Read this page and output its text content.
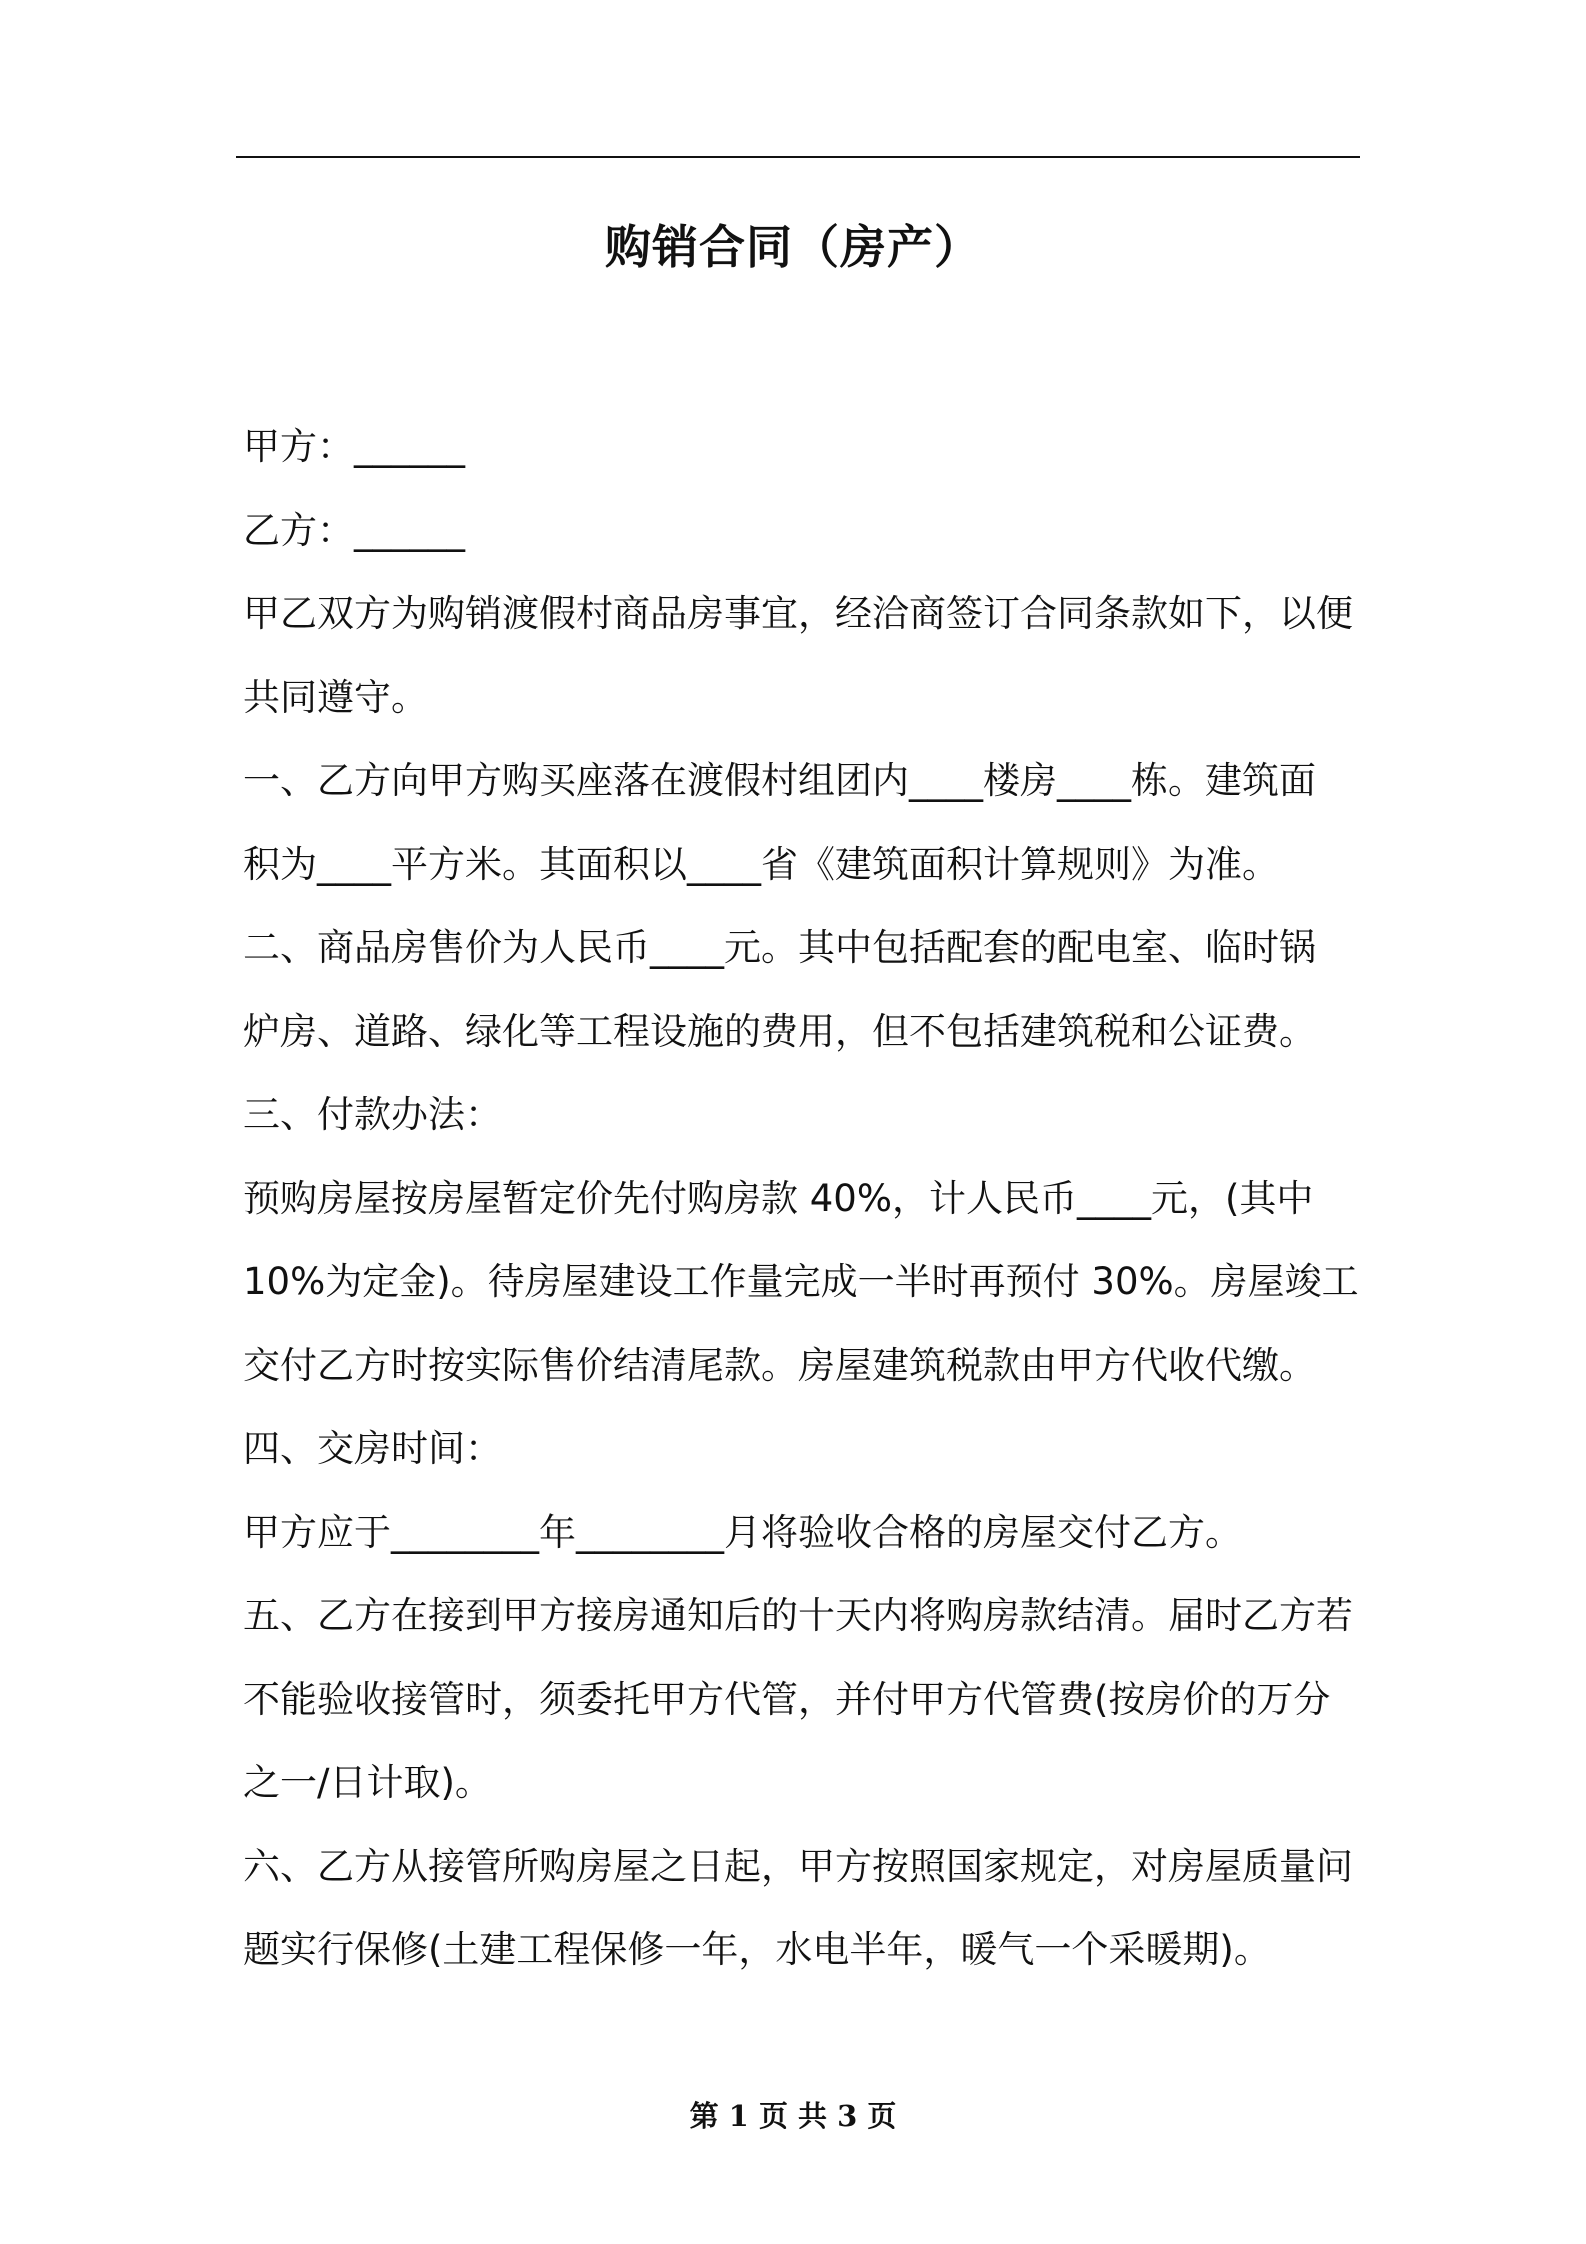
购销合同（房产）

甲方：______

乙方：______

甲乙双方为购销渡假村商品房事宜，经洽商签订合同条款如下，以便

共同遵守。

一、乙方向甲方购买座落在渡假村组团内____楼房____栋。建筑面

积为____平方米。其面积以____省《建筑面积计算规则》为准。

二、商品房售价为人民币____元。其中包括配套的配电室、临时锅

炉房、道路、绿化等工程设施的费用，但不包括建筑税和公证费。

三、付款办法：

预购房屋按房屋暂定价先付购房款 40%，计人民币____元，(其中

10%为定金)。待房屋建设工作量完成一半时再预付 30%。房屋竣工

交付乙方时按实际售价结清尾款。房屋建筑税款由甲方代收代缴。

四、交房时间：

甲方应于________年________月将验收合格的房屋交付乙方。

五、乙方在接到甲方接房通知后的十天内将购房款结清。届时乙方若

不能验收接管时，须委托甲方代管，并付甲方代管费(按房价的万分

之一/日计取)。

六、乙方从接管所购房屋之日起，甲方按照国家规定，对房屋质量问

题实行保修(土建工程保修一年，水电半年，暖气一个采暖期)。

第 1 页 共 3 页
